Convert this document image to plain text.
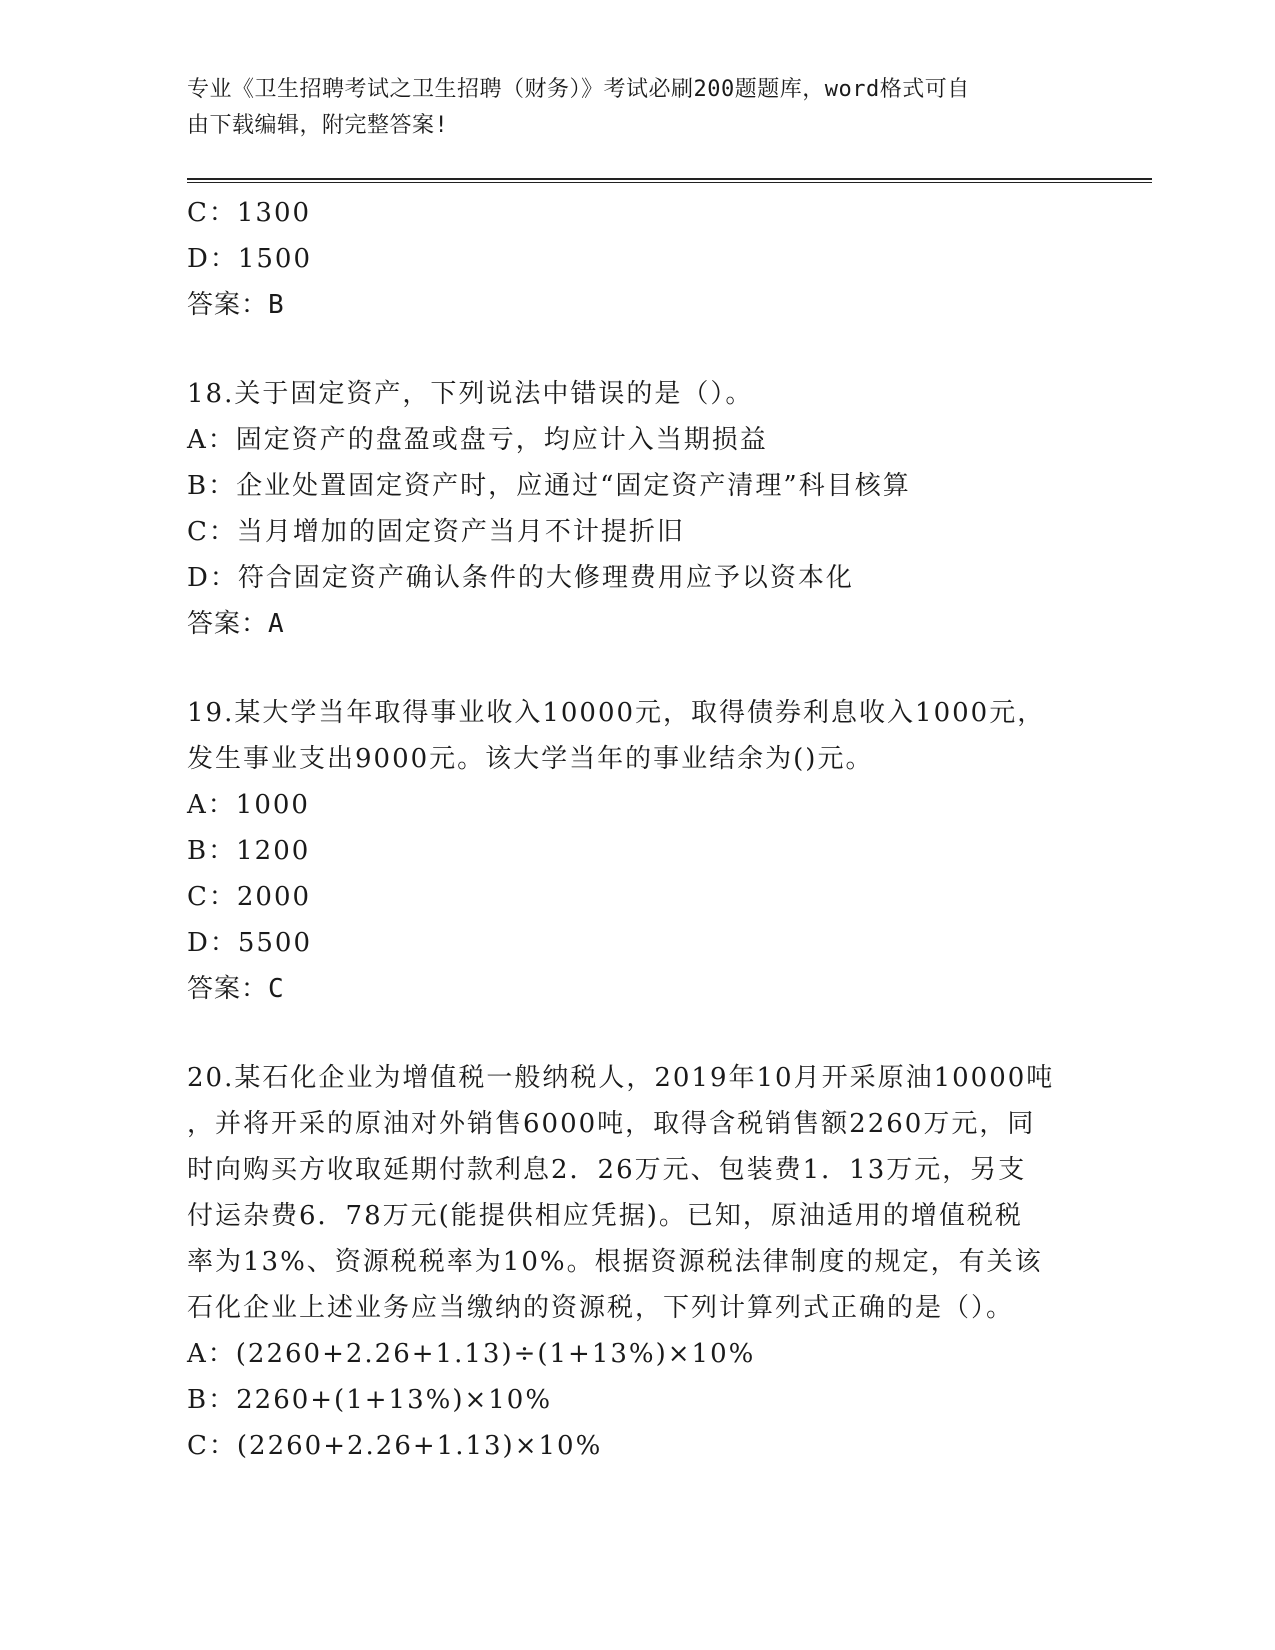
专业《卫生招聘考试之卫生招聘（财务）》考试必刷200题题库，word格式可自
由下载编辑，附完整答案!
C：1300
D：1500
答案：B
18.关于固定资产，下列说法中错误的是（）。
A：固定资产的盘盈或盘亏，均应计入当期损益
B：企业处置固定资产时，应通过“固定资产清理”科目核算
C：当月增加的固定资产当月不计提折旧
D：符合固定资产确认条件的大修理费用应予以资本化
答案：A
19.某大学当年取得事业收入10000元，取得债券利息收入1000元，
发生事业支出9000元。该大学当年的事业结余为()元。
A：1000
B：1200
C：2000
D：5500
答案：C
20.某石化企业为增值税一般纳税人，2019年10月开采原油10000吨
，并将开采的原油对外销售6000吨，取得含税销售额2260万元，同
时向购买方收取延期付款利息2．26万元、包装费1．13万元，另支
付运杂费6．78万元(能提供相应凭据)。已知，原油适用的增值税税
率为13%、资源税税率为10%。根据资源税法律制度的规定，有关该
石化企业上述业务应当缴纳的资源税，下列计算列式正确的是（）。
A：(2260+2.26+1.13)÷(1+13%)×10%
B：2260+(1+13%)×10%
C：(2260+2.26+1.13)×10%
